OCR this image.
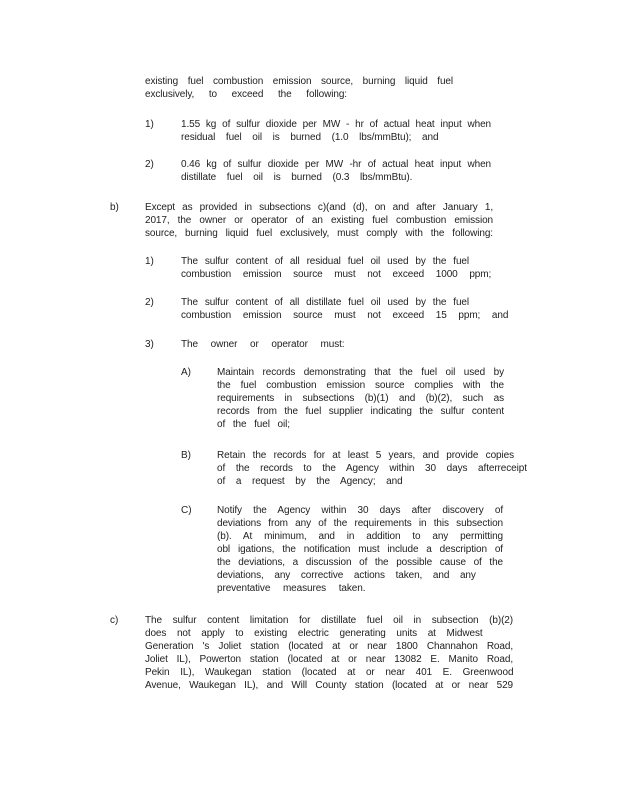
existing fuel combustion emission source, burning liquid fuel
exclusively, to exceed the following:
1)	1.55 kg of sulfur dioxide per MW - hr of actual heat input when
residual fuel oil is burned (1.0 lbs/mmBtu); and
2)	0.46 kg of sulfur dioxide per MW -hr of actual heat input when
distillate fuel oil is burned (0.3 lbs/mmBtu).
b)	Except as provided in subsections c)(and (d), on and after January 1,
2017, the owner or operator of an existing fuel combustion emission
source, burning liquid fuel exclusively, must comply with the following:
1)	The sulfur content of all residual fuel oil used by the fuel
combustion emission source must not exceed 1000 ppm;
2)	The sulfur content of all distillate fuel oil used by the fuel
combustion emission source must not exceed 15 ppm; and
3)	The owner or operator must:
A)	Maintain records demonstrating that the fuel oil used by
the fuel combustion emission source complies with the
requirements in subsections (b)(1) and (b)(2), such as
records from the fuel supplier indicating the sulfur content
of the fuel oil;
B)	Retain the records for at least 5 years, and provide copies
of the records to the Agency within 30 days afterreceipt
of a request by the Agency; and
C)	Notify the Agency within 30 days after discovery of
deviations from any of the requirements in this subsection
(b). At minimum, and in addition to any permitting
obl igations, the notification must include a description of
the deviations, a discussion of the possible cause of the
deviations, any corrective actions taken, and any
preventative measures taken.
c)	The sulfur content limitation for distillate fuel oil in subsection (b)(2)
does not apply to existing electric generating units at Midwest
Generation 's Joliet station (located at or near 1800 Channahon Road,
Joliet IL), Powerton station (located at or near 13082 E. Manito Road,
Pekin IL), Waukegan station (located at or near 401 E. Greenwood
Avenue, Waukegan IL), and Will County station (located at or near 529
